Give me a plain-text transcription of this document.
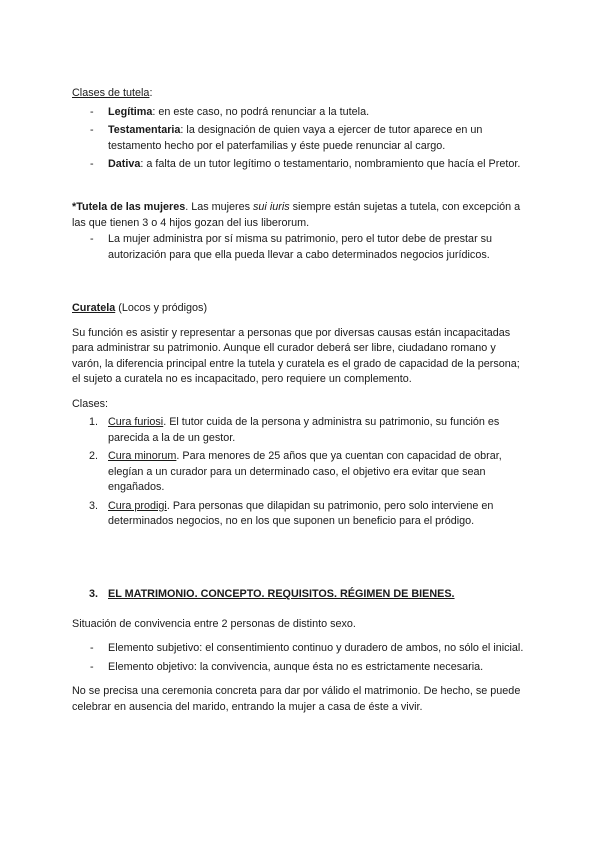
Clases de tutela:
- Legítima: en este caso, no podrá renunciar a la tutela.
- Testamentaria: la designación de quien vaya a ejercer de tutor aparece en un testamento hecho por el paterfamilias y éste puede renunciar al cargo.
- Dativa: a falta de un tutor legítimo o testamentario, nombramiento que hacía el Pretor.
*Tutela de las mujeres. Las mujeres sui iuris siempre están sujetas a tutela, con excepción a las que tienen 3 o 4 hijos gozan del ius liberorum.
- La mujer administra por sí misma su patrimonio, pero el tutor debe de prestar su autorización para que ella pueda llevar a cabo determinados negocios jurídicos.
Curatela (Locos y pródigos)
Su función es asistir y representar a personas que por diversas causas están incapacitadas para administrar su patrimonio. Aunque ell curador deberá ser libre, ciudadano romano y varón, la diferencia principal entre la tutela y curatela es el grado de capacidad de la persona; el sujeto a curatela no es incapacitado, pero requiere un complemento.
Clases:
1. Cura furiosi. El tutor cuida de la persona y administra su patrimonio, su función es parecida a la de un gestor.
2. Cura minorum. Para menores de 25 años que ya cuentan con capacidad de obrar, elegían a un curador para un determinado caso, el objetivo era evitar que sean engañados.
3. Cura prodigi. Para personas que dilapidan su patrimonio, pero solo interviene en determinados negocios, no en los que suponen un beneficio para el pródigo.
3. EL MATRIMONIO. CONCEPTO. REQUISITOS. RÉGIMEN DE BIENES.
Situación de convivencia entre 2 personas de distinto sexo.
- Elemento subjetivo: el consentimiento continuo y duradero de ambos, no sólo el inicial.
- Elemento objetivo: la convivencia, aunque ésta no es estrictamente necesaria.
No se precisa una ceremonia concreta para dar por válido el matrimonio. De hecho, se puede celebrar en ausencia del marido, entrando la mujer a casa de éste a vivir.
